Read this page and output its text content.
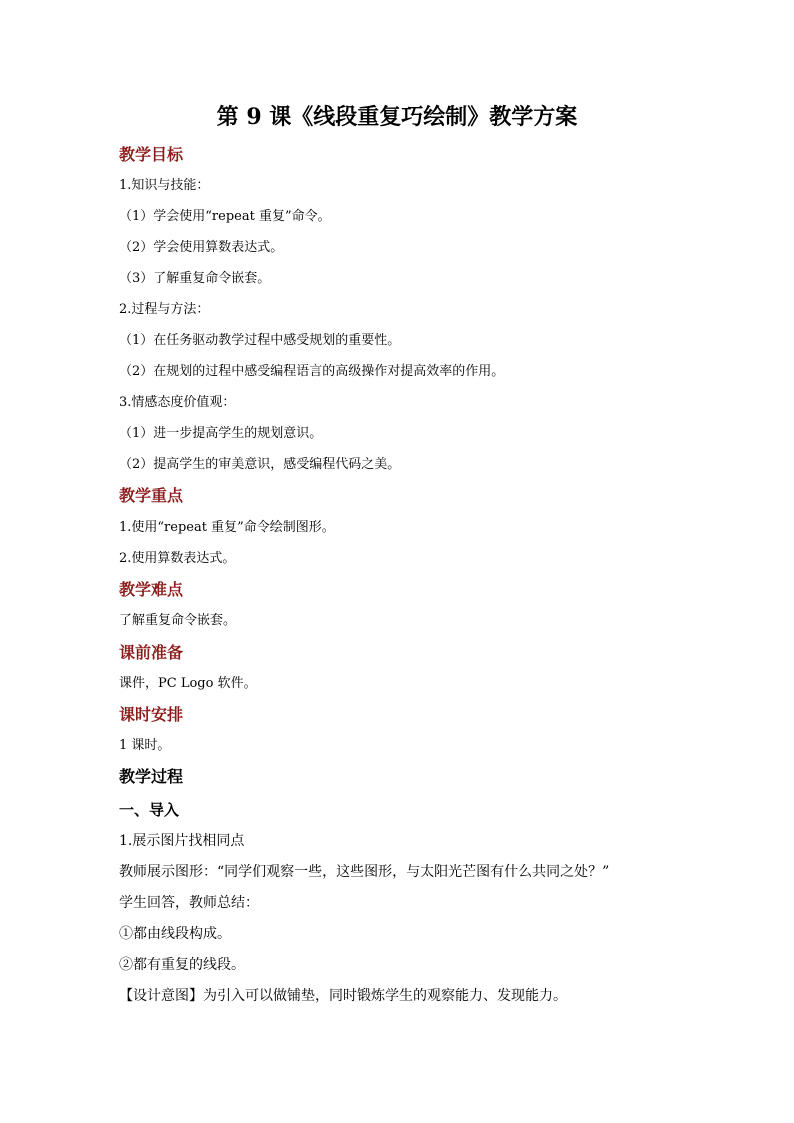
第 9 课《线段重复巧绘制》教学方案
教学目标

1.知识与技能：

（1）学会使用“repeat 重复”命令。

（2）学会使用算数表达式。

（3）了解重复命令嵌套。

2.过程与方法：

（1）在任务驱动教学过程中感受规划的重要性。

（2）在规划的过程中感受编程语言的高级操作对提高效率的作用。

3.情感态度价值观：

（1）进一步提高学生的规划意识。

（2）提高学生的审美意识，感受编程代码之美。

教学重点

1.使用“repeat 重复”命令绘制图形。

2.使用算数表达式。

教学难点

了解重复命令嵌套。

课前准备

课件，PC Logo 软件。

课时安排

1 课时。

教学过程
一、导入

1.展示图片找相同点

教师展示图形：“同学们观察一些，这些图形，与太阳光芒图有什么共同之处？”

学生回答，教师总结：

①都由线段构成。

②都有重复的线段。

【设计意图】为引入可以做铺垫，同时锻炼学生的观察能力、发现能力。
